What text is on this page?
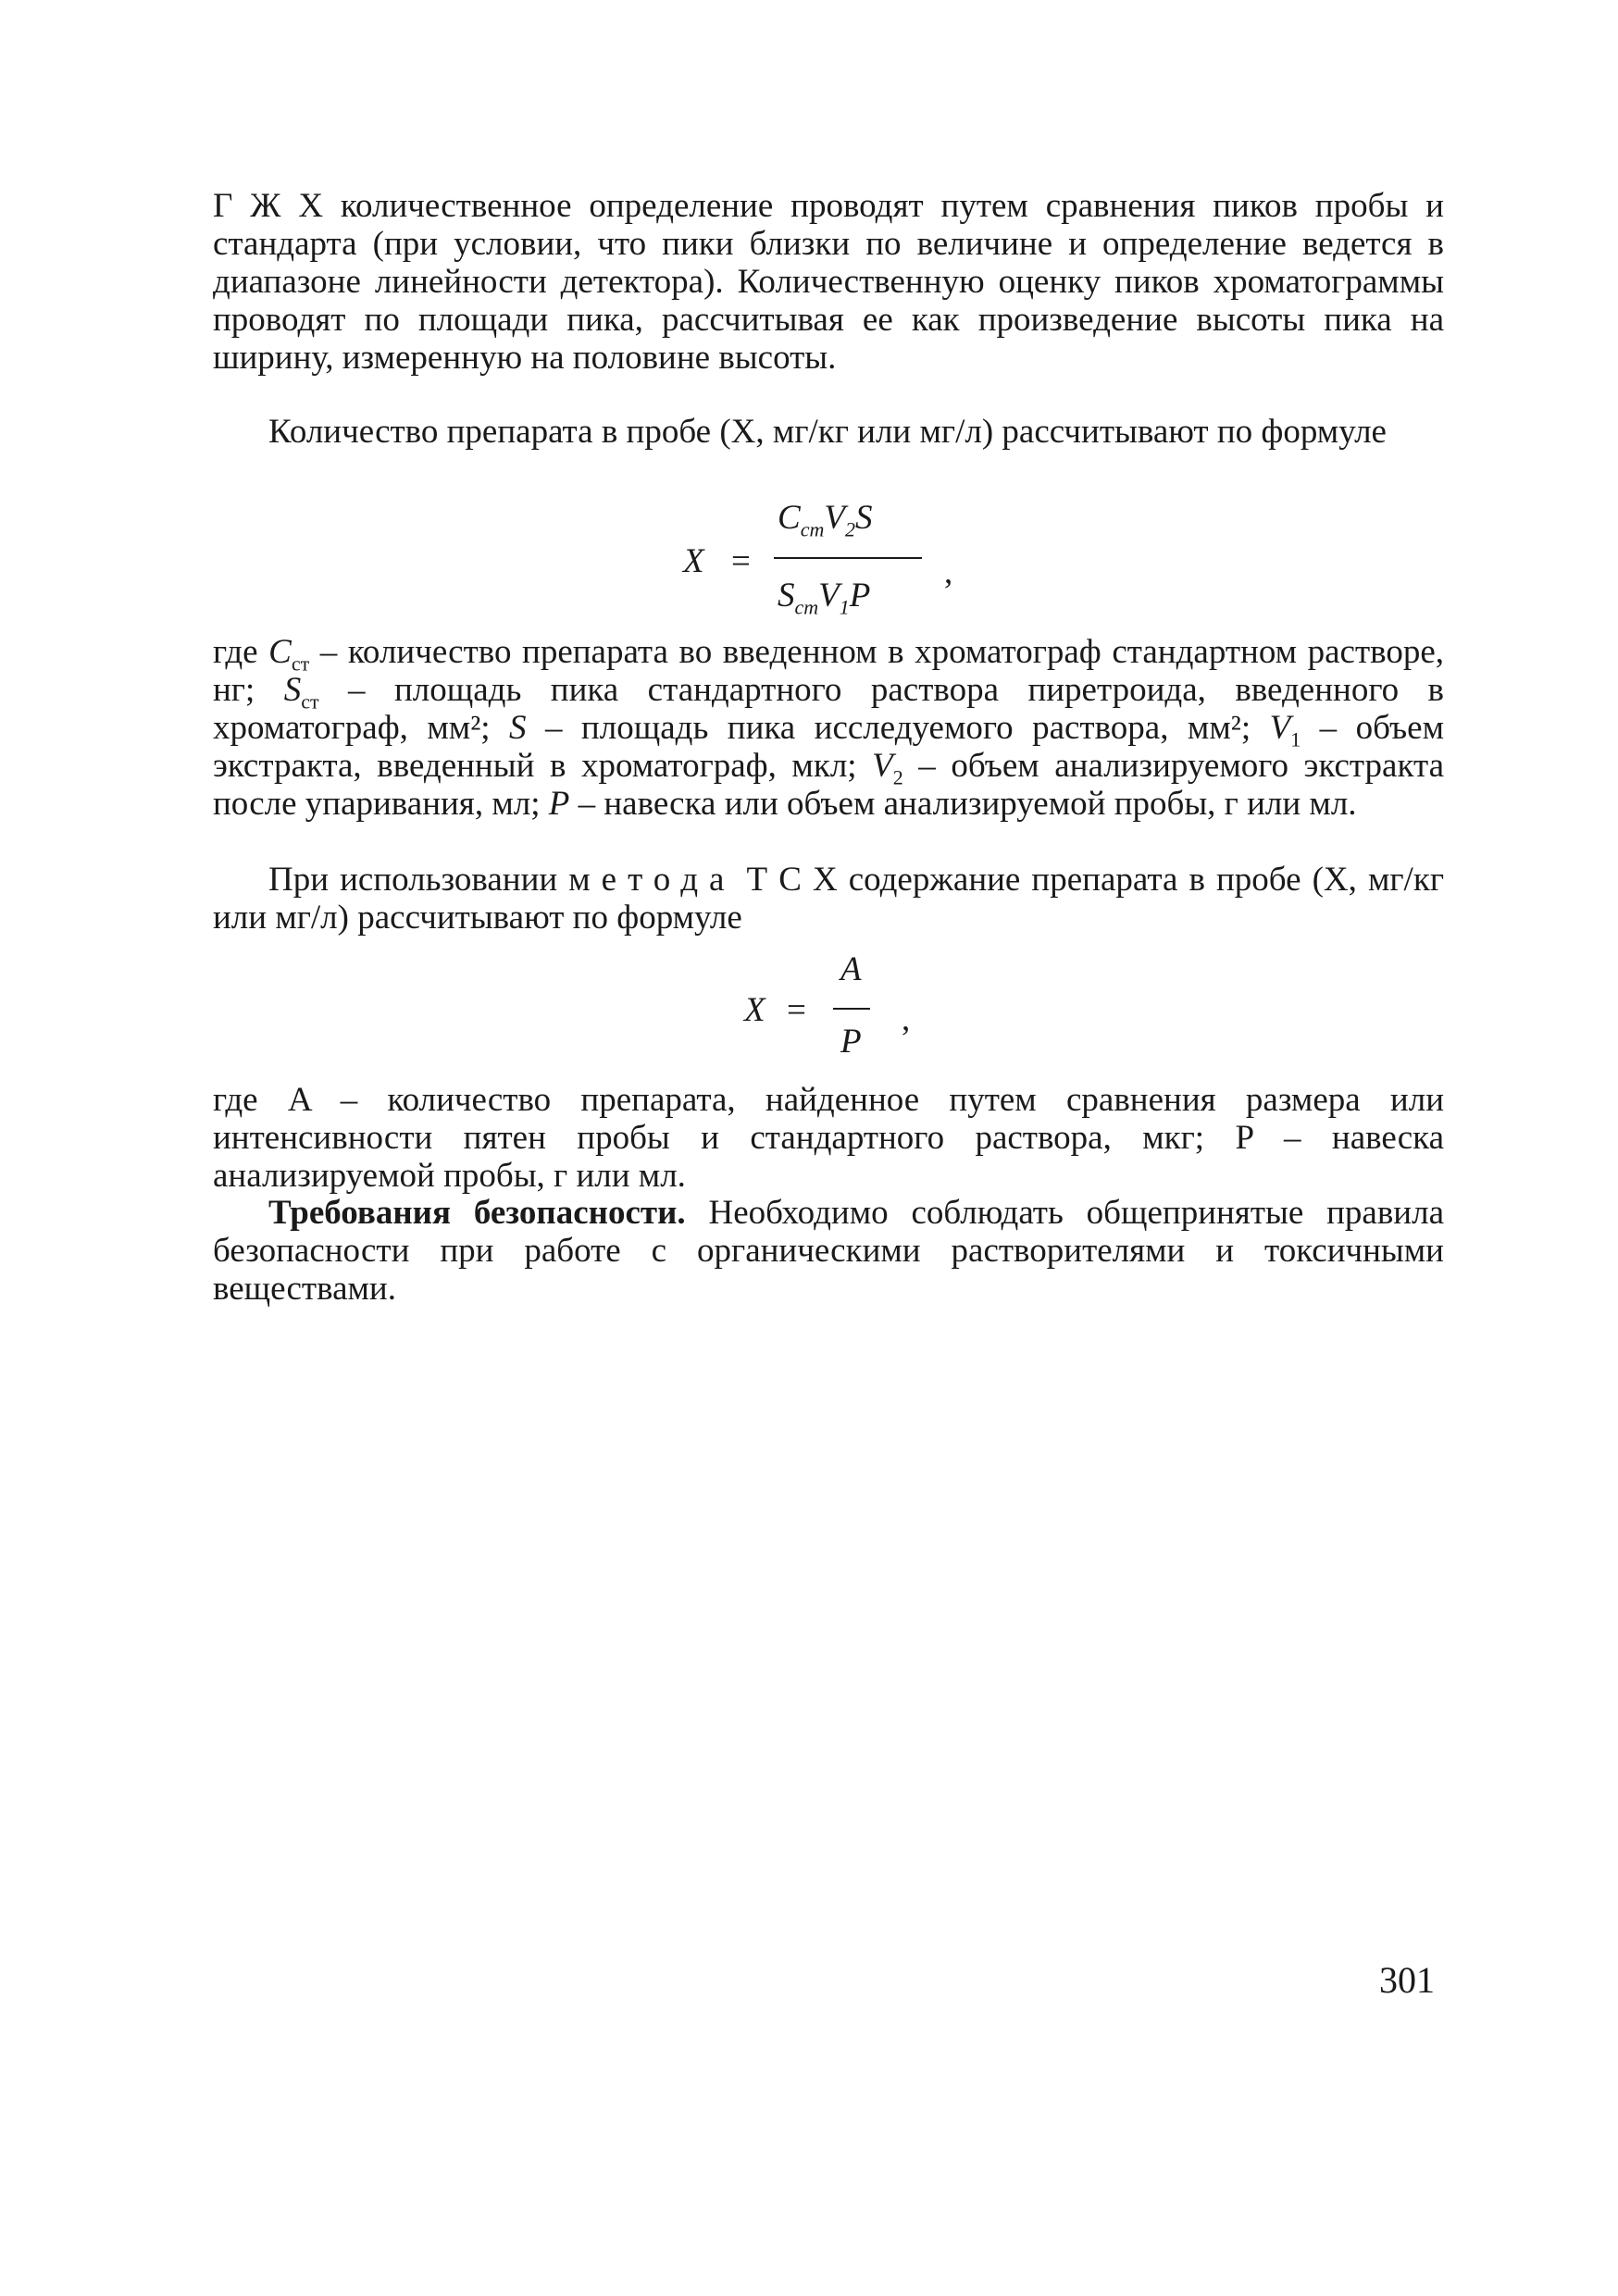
Г Ж Х количественное определение проводят путем сравнения пиков пробы и стандарта (при условии, что пики близки по величине и определение ведется в диапазоне линейности детектора). Количественную оценку пиков хроматограммы проводят по площади пика, рассчитывая ее как произведение высоты пика на ширину, измеренную на половине высоты.
Количество препарата в пробе (X, мг/кг или мг/л) рассчитывают по формуле
X =
$C_{ст}V_2S$
$S_{ст}V_1P$
,
где $C_{ст}$ – количество препарата во введенном в хроматограф стандартном растворе, нг; $S_{ст}$ – площадь пика стандартного раствора пиретроида, введенного в хроматограф, мм²; S – площадь пика исследуемого раствора, мм²; $V_1$ – объем экстракта, введенный в хроматограф, мкл; $V_2$ – объем анализируемого экстракта после упаривания, мл; P – навеска или объем анализируемой пробы, г или мл.
При использовании метода Т С Х содержание препарата в пробе (X, мг/кг или мг/л) рассчитывают по формуле
X =
A
P
,
где A – количество препарата, найденное путем сравнения размера или интенсивности пятен пробы и стандартного раствора, мкг; P – навеска анализируемой пробы, г или мл.
Требования безопасности. Необходимо соблюдать общепринятые правила безопасности при работе с органическими растворителями и токсичными веществами.
301
